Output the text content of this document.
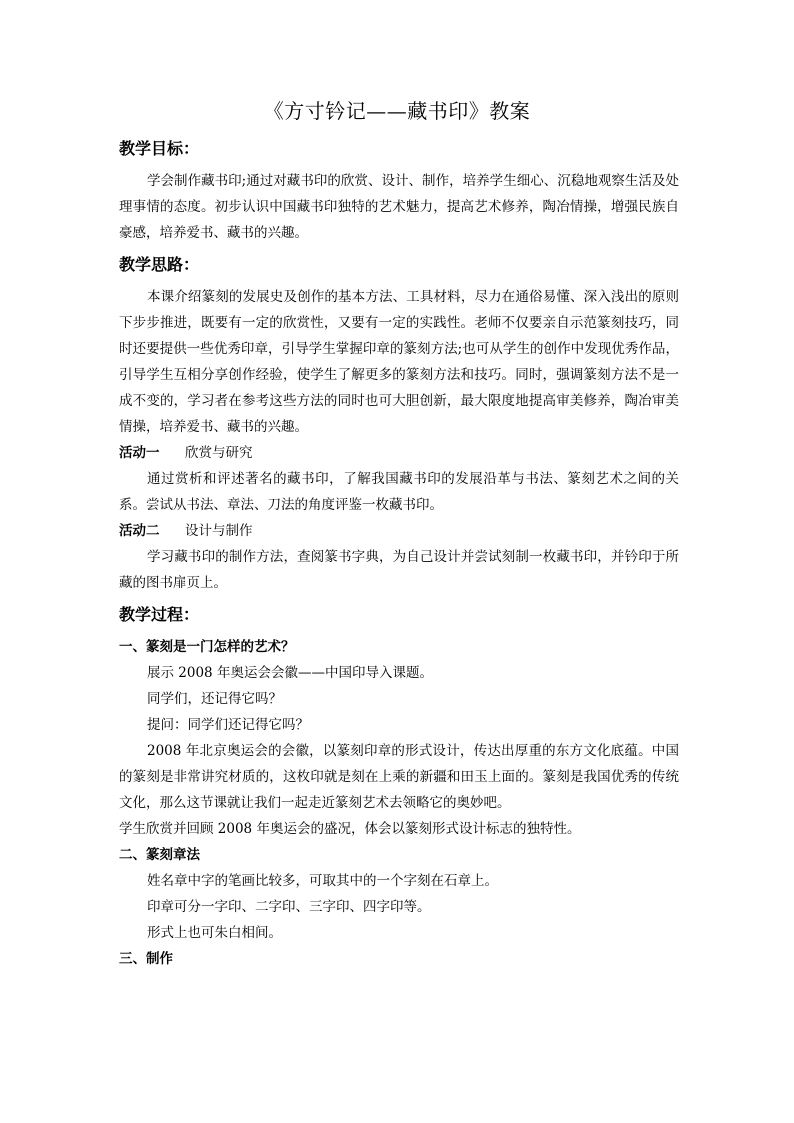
《方寸钤记——藏书印》教案
教学目标：

学会制作藏书印;通过对藏书印的欣赏、设计、制作，培养学生细心、沉稳地观察生活及处理事情的态度。初步认识中国藏书印独特的艺术魅力，提高艺术修养，陶冶情操，增强民族自豪感，培养爱书、藏书的兴趣。

教学思路：

本课介绍篆刻的发展史及创作的基本方法、工具材料，尽力在通俗易懂、深入浅出的原则下步步推进，既要有一定的欣赏性，又要有一定的实践性。老师不仅要亲自示范篆刻技巧，同时还要提供一些优秀印章，引导学生掌握印章的篆刻方法;也可从学生的创作中发现优秀作品，引导学生互相分享创作经验，使学生了解更多的篆刻方法和技巧。同时，强调篆刻方法不是一成不变的，学习者在参考这些方法的同时也可大胆创新，最大限度地提高审美修养，陶冶审美情操，培养爱书、藏书的兴趣。

活动一 欣赏与研究

通过赏析和评述著名的藏书印，了解我国藏书印的发展沿革与书法、篆刻艺术之间的关系。尝试从书法、章法、刀法的角度评鉴一枚藏书印。

活动二 设计与制作

学习藏书印的制作方法，查阅篆书字典，为自己设计并尝试刻制一枚藏书印，并钤印于所藏的图书扉页上。

教学过程：
一、篆刻是一门怎样的艺术？
展示 2008 年奥运会会徽——中国印导入课题。
同学们，还记得它吗？
提问：同学们还记得它吗？

2008 年北京奥运会的会徽，以篆刻印章的形式设计，传达出厚重的东方文化底蕴。中国的篆刻是非常讲究材质的，这枚印就是刻在上乘的新疆和田玉上面的。篆刻是我国优秀的传统文化，那么这节课就让我们一起走近篆刻艺术去领略它的奥妙吧。

学生欣赏并回顾 2008 年奥运会的盛况，体会以篆刻形式设计标志的独特性。
二、篆刻章法
姓名章中字的笔画比较多，可取其中的一个字刻在石章上。
印章可分一字印、二字印、三字印、四字印等。
形式上也可朱白相间。
三、制作
